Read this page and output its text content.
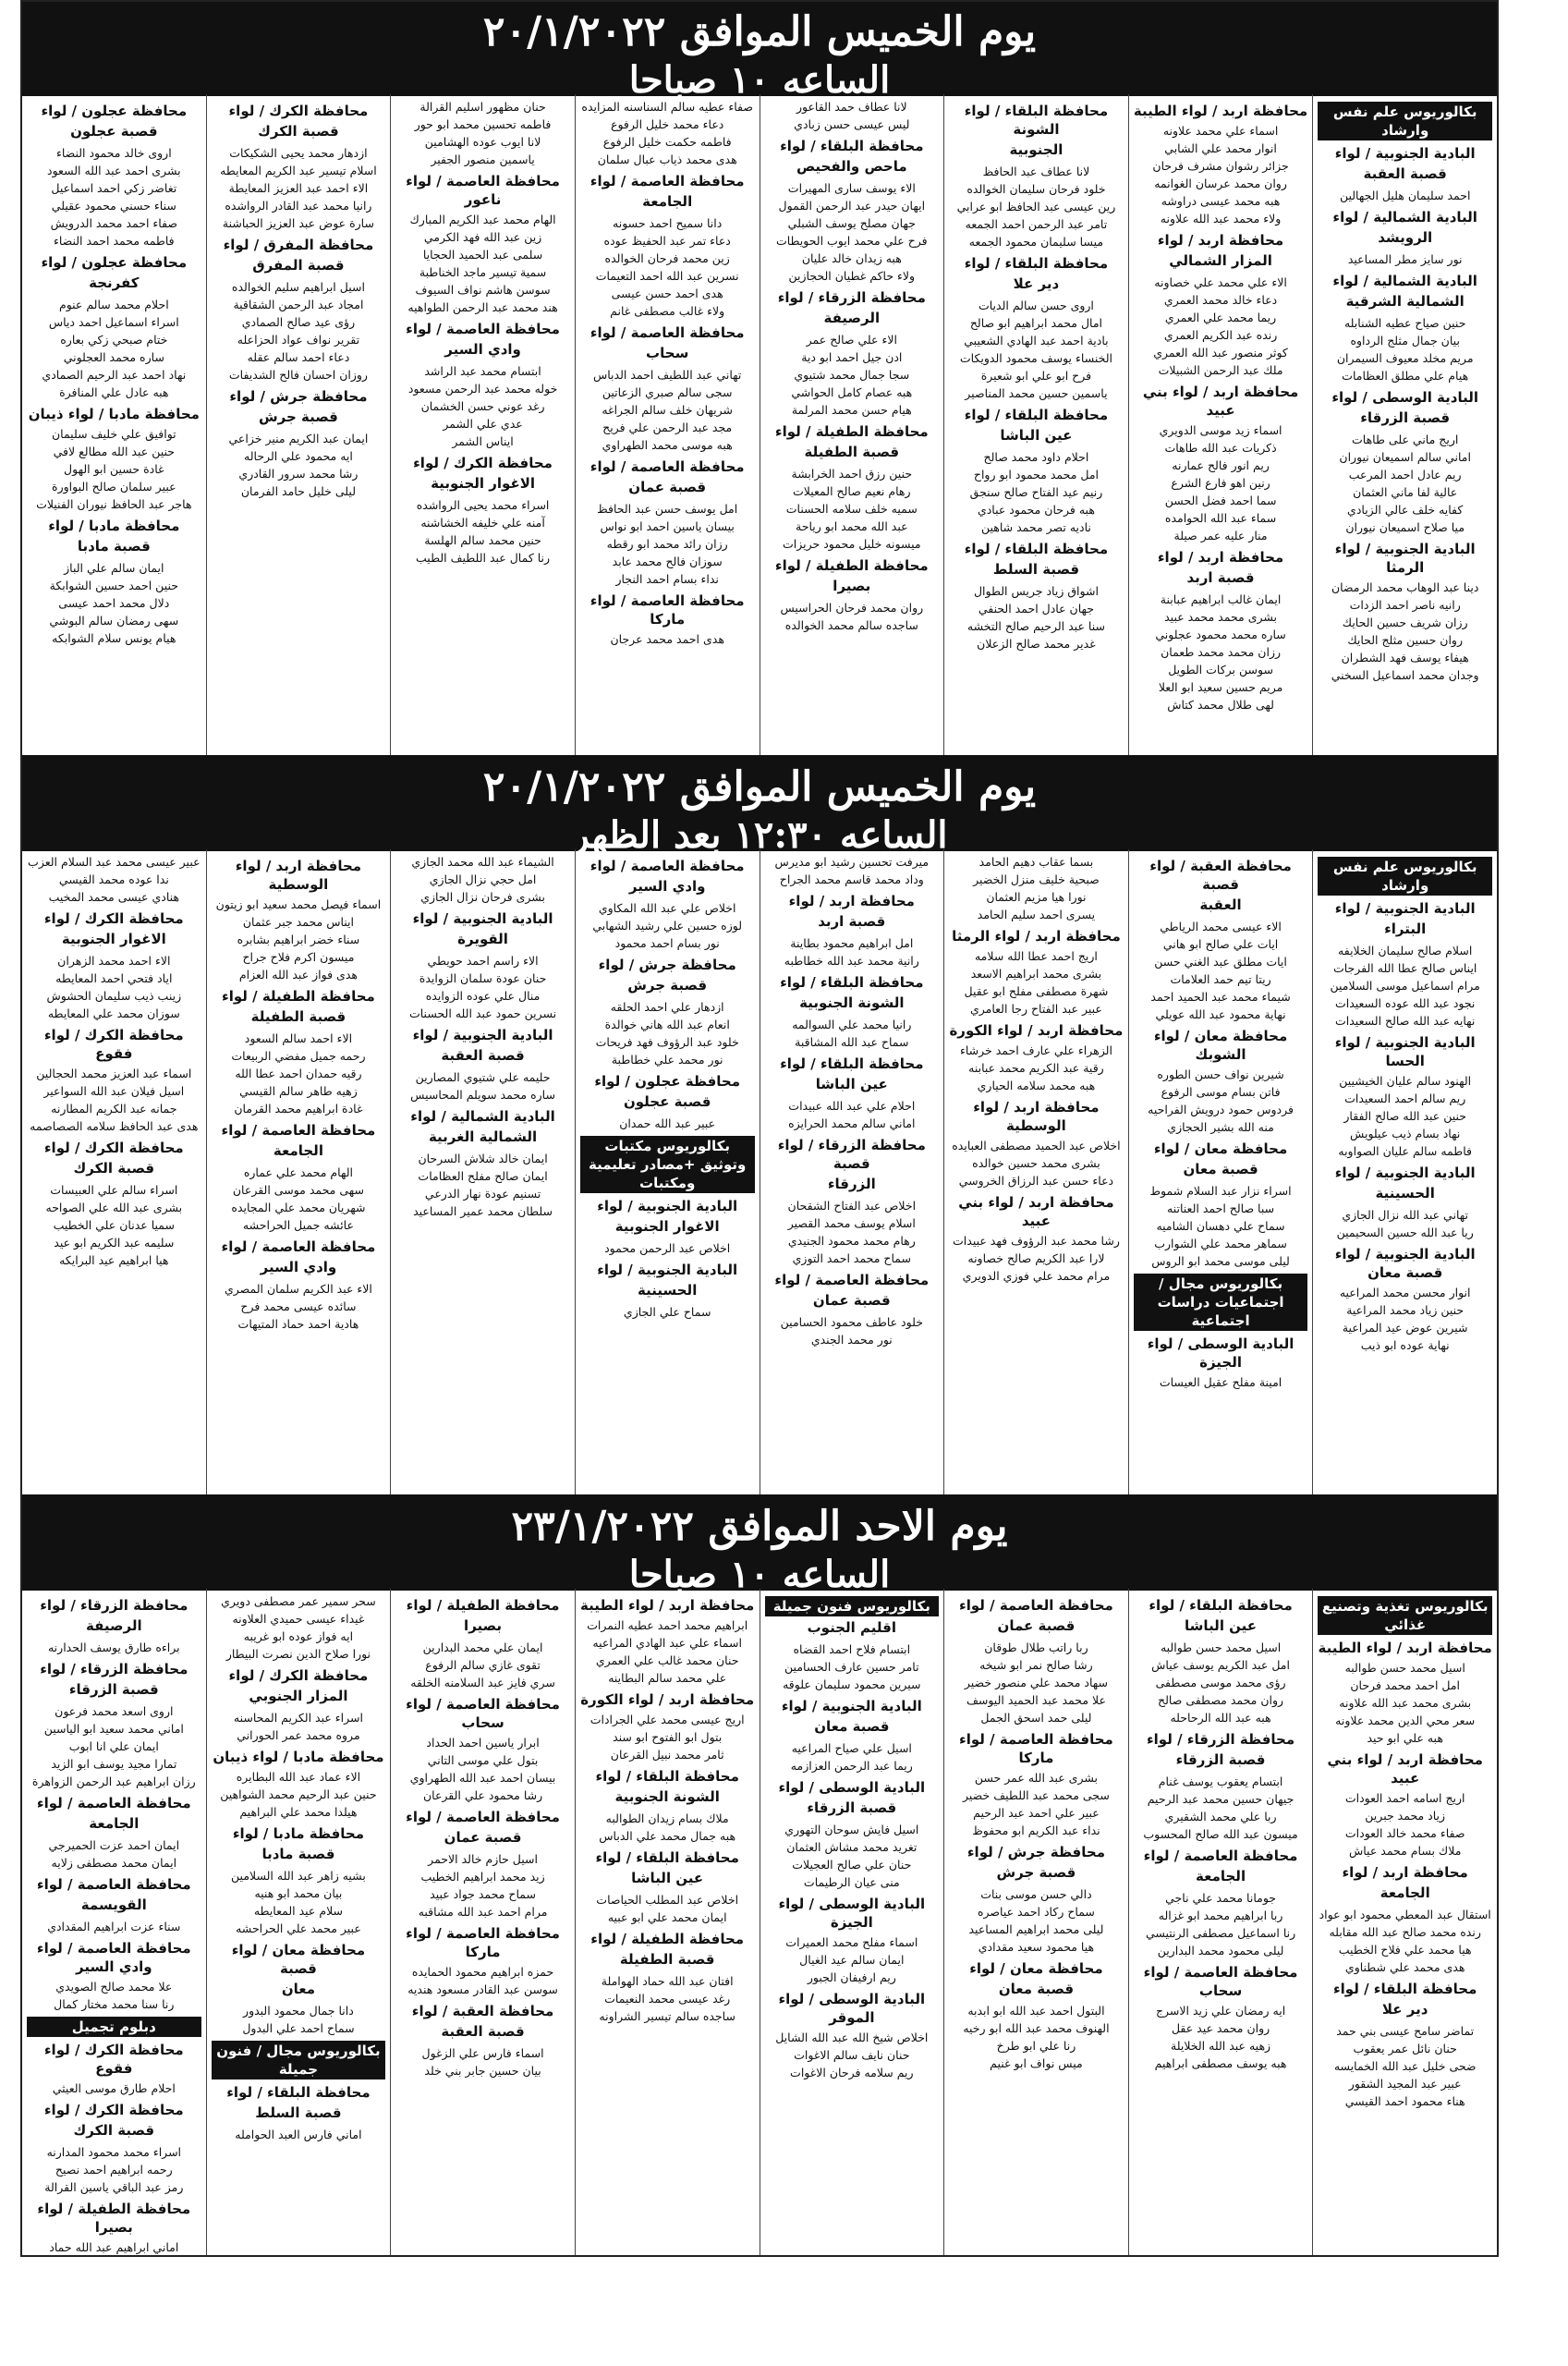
يوم الخميس الموافق ٢٠/١/٢٠٢٢
الساعه ١٠ صباحا
بكالوريوس علم نفس وارشاد
البادية الجنوبية / لواء
قصبة العقبة
احمد سليمان هليل الجهالين
البادية الشمالية / لواء
الرويشد
نور سايز مطر المساعيد
البادية الشمالية / لواء
الشمالية الشرقية
حنين صياح عطيه الشنابله
بيان جمال مثلج الرداوه
مريم مخلد معيوف السيمران
هيام علي مطلق العظامات
البادية الوسطى / لواء
قصبة الزرقاء
اريج ماني على طاهات
اماني سالم اسميعان نيوران
ريم عادل احمد المرعب
عالية لفا ماني العثمان
كفايه خلف عالي الزيادي
ميا صلاح اسميعان نيوران
البادية الجنوبية / لواء الرمثا
دينا عبد الوهاب محمد الرمضان
رانيه ناصر احمد الزدات
رزان شريف حسين الحايك
روان حسين مثلج الحايك
هيفاء يوسف فهد الشطران
وجدان محمد اسماعيل السخني
محافظة اربد / لواء الطيبة
اسماء علي محمد علاونه
انوار محمد علي الشابي
جزائر رشوان مشرف فرحان
روان محمد عرسان الغوانمه
هبه محمد عيسى دراوشه
ولاء محمد عبد الله علاونه
محافظة اربد / لواء
المزار الشمالي
الاء علي محمد علي خصاونه
دعاء خالد محمد العمري
ريما محمد علي العمري
رنده عبد الكريم العمري
كوثر منصور عبد الله العمري
ملك عبد الرحمن الشبيلات
محافظة اربد / لواء بني عبيد
اسماء زيد موسى الدويري
ذكريات عبد الله طاهات
ريم انور فالح عمارنه
رنين اهو فارع الشرع
سما احمد فضل الحسن
سماء عبد الله الحوامده
منار عليه عمر صيلة
محافظة اربد / لواء
قصبة اربد
ايمان غالب ابراهيم عبابنة
بشرى محمد محمد عبيد
ساره محمد محمود عجلوني
رزان محمد محمد طعمان
سوسن بركات الطويل
مريم حسين سعيد ابو العلا
لهى طلال محمد كتاش
محافظة البلقاء / لواء الشونة
الجنوبية
لانا عطاف عبد الحافظ
خلود فرحان سليمان الخوالده
رين عيسى عبد الحافظ ابو عرابي
تامر عبد الرحمن احمد الجمعه
ميسا سليمان محمود الجمعه
محافظة البلقاء / لواء
دير علا
اروى حسن سالم الديات
امال محمد ابراهيم ابو صالح
بادية احمد عبد الهادي الشعيبي
الخنساء يوسف محمود الدويكات
فرح ابو علي ابو شعيرة
ياسمين حسين محمد المناصير
محافظة البلقاء / لواء
عين الباشا
احلام داود محمد صالح
امل محمد محمود ابو رواح
رنيم عيد الفتاح صالح سنجق
هبه فرحان محمود عبادي
ناديه تصر محمد شاهين
محافظة البلقاء / لواء
قصبة السلط
اشواق زياد جريس الطوال
جهان عادل احمد الحنفي
سنا عبد الرحيم صالح التخشه
غدير محمد صالح الزعلان
لانا عطاف حمد القاعور
ليس عيسى حسن زبادي
محافظة البلقاء / لواء
ماحص والفحيص
الاء يوسف سارى المهيرات
ايهان حيدر عبد الرحمن القمول
جهان مصلح يوسف الشبلي
فرح علي محمد ايوب الحويطات
هبه زيدان خالد عليان
ولاء حاكم غطيان الحجازين
محافظة الزرقاء / لواء
الرصيفة
الاء علي صالح عمر
ادن جيل احمد ابو دية
سجا جمال محمد شتيوي
هبه عصام كامل الحواشي
هيام حسن محمد المرلمة
محافظة الطفيلة / لواء
قصبة الطفيلة
حنين رزق احمد الخرابشة
رهام نعيم صالح المعيلات
سميه خلف سلامه الحسنات
عبد الله محمد ابو رياحة
ميسونه خليل محمود حريزات
محافظة الطفيلة / لواء
بصيرا
روان محمد فرحان الحراسيس
ساجده سالم محمد الخوالده
صفاء عطيه سالم السناسنه المزايده
دعاء محمد خليل الرفوع
فاطمه حكمت خليل الرفوع
هدى محمد ذياب عبال سلمان
محافظة العاصمة / لواء
الجامعة
دانا سميح احمد حسونه
دعاء تمر عبد الحفيظ عوده
زين محمد فرحان الخوالده
نسرين عبد الله احمد التعيمات
هدى احمد حسن عيسى
ولاء غالب مصطفى غانم
محافظة العاصمة / لواء
سحاب
تهاني عبد اللطيف احمد الدباس
سجى سالم صبري الزعاتين
شريهان خلف سالم الجراغه
مجد عبد الرحمن علي فريح
هبه موسى محمد الطهراوي
محافظة العاصمة / لواء
قصبة عمان
امل يوسف حسن عبد الحافظ
بيسان ياسين احمد ابو نواس
رزان رائد محمد ابو رقطه
سوزان فالح محمد عابد
نداء بسام احمد النجار
محافظة العاصمة / لواء ماركا
هدى احمد محمد عرجان
حنان مظهور اسليم القرالة
فاطمه تحسين محمد ابو حور
لانا ايوب عوده الهشامين
ياسمين منصور الجفير
محافظة العاصمة / لواء ناعور
الهام محمد عبد الكريم المبارك
زين عبد الله فهد الكرمي
سلمى عبد الحميد الحجايا
سمية تيسير ماجد الخناطبة
سوسن هاشم نواف السيوف
هند محمد عبد الرحمن الطواهيه
محافظة العاصمة / لواء
وادي السير
ابتسام محمد عبد الراشد
خوله محمد عبد الرحمن مسعود
رغد عوني حسن الخشمان
عدي علي الشمر
ايناس الشمر
محافظة الكرك / لواء
الاغوار الجنوبية
اسراء محمد يحيى الرواشده
آمنه علي خليفه الخشاشنه
حنين محمد سالم الهلسة
رنا كمال عبد اللطيف الطيب
محافظة الكرك / لواء
قصبة الكرك
ازدهار محمد يحيى الشكيكات
اسلام تيسير عبد الكريم المعايطه
الاء احمد عبد العزيز المعايطة
رانيا محمد عبد القادر الرواشده
سارة عوض عبد العزيز الحباشنة
محافظة المفرق / لواء
قصبة المفرق
اسيل ابراهيم سليم الخوالده
امجاد عبد الرحمن الشقاقية
رؤى عيد صالح الصمادي
تقرير نواف عواد الحزاعله
دعاء احمد سالم عقله
روزان احسان فالح الشديفات
محافظة جرش / لواء
قصبة جرش
ايمان عبد الكريم منير خزاعي
ايه محمود علي الرحاله
رشا محمد سرور القادري
ليلى خليل حامد الفرمان
محافظة عجلون / لواء
قصبة عجلون
اروى خالد محمود النضاء
بشرى احمد عبد الله السعود
تغاضر زكي احمد اسماعيل
سناء حسني محمود عقيلي
صفاء احمد محمد الدرويش
فاطمه محمد احمد النضاء
محافظة عجلون / لواء
كفرنجة
احلام محمد سالم عنوم
اسراء اسماعيل احمد دياس
ختام صبحي زكي بعاره
ساره محمد العجلوني
نهاد احمد عبد الرحيم الصمادي
هبه عادل علي المنافرة
محافظة مادبا / لواء ذيبان
توافيق علي خليف سليمان
حنين عبد الله مطالع لافي
غادة حسين ابو الهول
عبير سلمان صالح البواورة
هاجر عبد الحافظ نيوران الفنيلات
محافظة مادبا / لواء
قصبة مادبا
ايمان سالم علي الباز
حنين احمد حسين الشوابكة
دلال محمد احمد عيسى
سهى رمضان سالم البوشي
هيام يونس سلام الشوابكه
يوم الخميس الموافق ٢٠/١/٢٠٢٢
الساعه ١٢:٣٠ بعد الظهر
بكالوريوس علم نفس وارشاد
البادية الجنوبية / لواء
البتراء
اسلام صالح سليمان الخلايفه
ايناس صالح عطا الله الفرجات
مرام اسماعيل موسى السلامين
نجود عبد الله عوده السعيدات
نهايه عبد الله صالح السعيدات
البادية الجنوبية / لواء الحسا
الهنود سالم عليان الخيشيين
ريم سالم احمد السعيدات
حنين عبد الله صالح الفقار
نهاد بسام ذيب عيلويش
فاطمه سالم عليان الصواوبه
البادية الجنوبية / لواء
الحسينية
تهاني عبد الله نزال الجازي
ريا عبد الله حسين السحيمين
البادية الجنوبية / لواء قصبة معان
انوار محسن محمد المراعيه
حنين زياد محمد المراعية
شيرين عوض عيد المراعية
نهاية عوده ابو ذيب
محافظة العقبة / لواء قصبة
العقبة
الاء عيسى محمد الرياطي
ايات علي صالح ابو هاني
ايات مطلق عبد الغني حسن
ريتا تيم حمد العلامات
شيماء محمد عبد الحميد احمد
نهاية محمود عبد الله عويلي
محافظة معان / لواء الشوبك
شيرين نواف حسن الطوره
فاتن بسام موسى الرفوع
فردوس حمود درويش الفراحيه
منه الله بشير الحجازي
محافظة معان / لواء
قصبة معان
اسراء نزار عبد السلام شموط
سبا صالح احمد العناتنه
سماح علي دهسان الشاميه
سماهر محمد علي الشوارب
ليلى موسى محمد ابو الروس
بكالوريوس مجال / اجتماعيات دراسات اجتماعية
البادية الوسطى / لواء الجيزة
امينة مفلح عقيل العيسات
بسما عقاب دهيم الحامد
صبحية خليف منزل الخضير
نورا هيا مزيم العثمان
يسرى احمد سليم الحامد
محافظة اربد / لواء الرمثا
اريج احمد عطا الله سلامه
بشرى محمد ابراهيم الاسعد
شهرة مصطفى مفلح ابو عقيل
عبير عبد الفتاح رجا العامري
محافظة اربد / لواء الكورة
الزهراء علي عارف احمد خرشاء
رقية عبد الكريم محمد عبابنه
هبه محمد سلامه الحياري
محافظة اربد / لواء الوسطية
اخلاص عبد الحميد مصطفى العبايده
بشرى محمد حسين خوالده
دعاء حسن عبد الرزاق الخروسي
محافظة اربد / لواء بني عبيد
رشا محمد عبد الرؤوف فهد عبيدات
لارا عبد الكريم صالح خصاونه
مرام محمد علي فوزي الدويري
ميرفت تحسين رشيد ابو مديرس
وداد محمد قاسم محمد الجراح
محافظة اربد / لواء
قصبة اربد
امل ابراهيم محمود بطاينة
رانية محمد عبد الله خطاطبه
محافظة البلقاء / لواء
الشونة الجنوبية
رانيا محمد علي السوالمه
سماح عبد الله المشاقبة
محافظة البلقاء / لواء
عين الباشا
احلام علي عبد الله عبيدات
اماني سالم محمد الحرايزه
محافظة الزرقاء / لواء قصبة
الزرقاء
اخلاص عبد الفتاح الشقحان
اسلام يوسف محمد القصير
رهام محمد محمود الجنيدي
سماح محمد احمد التوزي
محافظة العاصمة / لواء
قصبة عمان
خلود عاطف محمود الحسامين
نور محمد الجندي
محافظة العاصمة / لواء
وادي السير
اخلاص علي عبد الله المكاوي
لوزه حسين علي رشيد الشهابي
نور بسام احمد محمود
محافظة جرش / لواء
قصبة جرش
ازدهار علي احمد الحلقه
انعام عبد الله هاني خوالدة
خلود عبد الرؤوف فهد فريحات
نور محمد علي خطاطبة
محافظة عجلون / لواء
قصبة عجلون
عبير عبد الله حمدان
بكالوريوس مكتبات وتوثيق +مصادر تعليمية ومكتبات
البادية الجنوبية / لواء
الاغوار الجنوبية
اخلاص عبد الرحمن محمود
البادية الجنوبية / لواء
الحسينية
سماح علي الجازي
الشيماء عبد الله محمد الجازي
امل حجي نزال الجازي
بشرى فرحان نزال الجازي
البادية الجنوبية / لواء
القويرة
الاء راسم احمد حويطي
حنان عودة سلمان الزوايدة
منال علي عوده الزوايده
نسرين حمود عبد الله الحسنات
البادية الجنوبية / لواء
قصبة العقبة
حليمه علي شتيوي المصارين
ساره محمد سويلم المحاسيس
البادية الشمالية / لواء
الشمالية الغربية
ايمان خالد شلاش السرحان
ايمان صالح مفلح العظامات
تسنيم عودة نهار الدرعي
سلطان محمد عمير المساعيد
محافظة اربد / لواء الوسطية
اسماء فيصل محمد سعيد ابو زيتون
ايناس محمد جبر عثمان
سناء خضر ابراهيم بشابره
ميسون اكرم فلاح جراح
هدى فواز عبد الله العزام
محافظة الطفيلة / لواء
قصبة الطفيلة
الاء احمد سالم السعود
رحمه جميل مفضي الربيعات
رقيه حمدان احمد عطا الله
زهيه طاهر سالم القيسي
غادة ابراهيم محمد القرمان
محافظة العاصمة / لواء
الجامعة
الهام محمد علي عماره
سهى محمد موسى القرعان
شهريان محمد علي المجايده
عائشه جميل الحراحشه
محافظة العاصمة / لواء
وادي السير
الاء عبد الكريم سلمان المصري
سائده عيسى محمد فرح
هادية احمد حماد المتيهات
عبير عيسى محمد عبد السلام العزب
ندا عوده محمد القيسي
هنادي عيسى محمد المخيب
محافظة الكرك / لواء
الاغوار الجنوبية
الاء احمد محمد الزهران
اياد فتحي احمد المعايطه
زينب ذيب سليمان الحشوش
سوزان محمد علي المعايطه
محافظة الكرك / لواء فقوع
اسماء عبد العزيز محمد الحجالين
اسيل فيلان عبد الله السواعير
جمانه عبد الكريم المطارنه
هدى عبد الحافظ سلامه الصصاصمه
محافظة الكرك / لواء
قصبة الكرك
اسراء سالم علي العبيسات
بشرى عبد الله علي الصواحه
سميا عدنان علي الخطيب
سليمه عبد الكريم ابو عيد
هيا ابراهيم عيد البرايكه
يوم الاحد الموافق ٢٣/١/٢٠٢٢
الساعه ١٠ صباحا
بكالوريوس تغذية وتصنيع غذائي
محافظة اربد / لواء الطيبة
اسيل محمد حسن طوالبه
امل احمد محمد فرحان
بشرى محمد عبد الله علاونه
سعر محي الدين محمد علاونه
هبه علي ابو حيد
محافظة اربد / لواء بني عبيد
اريج اسامه احمد العودات
زياد محمد جبرين
صفاء محمد خالد العودات
ملاك بسام محمد عياش
محافظة اربد / لواء
الجامعة
استقال عبد المعطي محمود ابو عواد
رنده محمد صالح عبد الله مقابله
هيا محمد علي فلاح الخطيب
هدى محمد علي شطناوي
محافظة البلقاء / لواء
دير علا
تماضر سامح عيسى بني حمد
حنان نائل عمر يعقوب
ضحى خليل عبد الله الخمايسه
عبير عبد المجيد الشقور
هناء محمود احمد القيسي
محافظة البلقاء / لواء
عين الباشا
اسيل محمد حسن طوالبه
امل عبد الكريم يوسف عياش
رؤى محمد موسى مصطفى
روان محمد مصطفى صالح
هبه عبد الله الرحاحله
محافظة الزرقاء / لواء
قصبة الزرقاء
ابتسام يعقوب يوسف غنام
جيهان حسين محمد عبد الرحيم
ربا علي محمد الشقيري
ميسون عبد الله صالح المحسوب
محافظة العاصمة / لواء
الجامعة
جومانا محمد علي ناجي
ربا ابراهيم محمد ابو غزاله
رنا اسماعيل مصطفى الرنتيسي
ليلى محمود محمد البدارين
محافظة العاصمة / لواء سحاب
ايه رمضان علي زيد الاسرج
روان محمد عيد عقل
زهيه عبد الله الخلايلة
هبه يوسف مصطفى ابراهيم
محافظة العاصمة / لواء
قصبة عمان
ربا راتب طلال طوقان
رشا صالح نمر ابو شيخه
سهاد محمد علي منصور خضير
علا محمد عبد الحميد اليوسف
ليلى حمد اسحق الجمل
محافظة العاصمة / لواء ماركا
بشرى عبد الله عمر حسن
سجى محمد عبد اللطيف خضير
عبير علي احمد عبد الرحيم
نداء عبد الكريم ابو محفوظ
محافظة جرش / لواء
قصبة جرش
دالي حسن موسى بنات
سماح ركاد احمد عياصره
ليلى محمد ابراهيم المساعيد
هيا محمود سعيد مقدادي
محافظة معان / لواء
قصبة معان
البتول احمد عبد الله ابو ابدبه
الهنوف محمد عبد الله ابو رخيه
رنا علي ابو طرخ
ميس نواف ابو غنيم
بكالوريوس فنون جميلة
اقليم الجنوب
ابتسام فلاح احمد القضاه
تامر حسين عارف الحسامين
سيرين محمود سليمان علوقه
البادية الجنوبية / لواء
قصبة معان
اسيل علي صياح المراعيه
ريما عبد الرحمن العزازمه
البادية الوسطى / لواء
قصبة الزرقاء
اسيل فايش سوحان التهوري
تغريد محمد مشاش العثمان
حنان علي صالح العجيلات
منى عيان الرطيمات
البادية الوسطى / لواء الجيزة
اسماء مفلح محمد العميرات
ايمان سالم عيد الغيال
ريم ارفيفان الجبور
البادية الوسطى / لواء الموقر
اخلاص شيخ الله عبد الله الشايل
حنان نايف سالم الاغوات
ريم سلامه فرحان الاغوات
محافظة اربد / لواء الطيبة
ابراهيم محمد احمد عطيه النمرات
اسماء علي عبد الهادي المراعيه
حنان محمد غالب علي العمري
علي محمد سالم البطاينه
محافظة اربد / لواء الكورة
اريج عيسى محمد علي الجرادات
بتول ابو الفتوح ابو سند
ثامر محمد نبيل القرعان
محافظة البلقاء / لواء
الشونة الجنوبية
ملاك بسام زيدان الطوالبه
هبه جمال محمد علي الدباس
محافظة البلقاء / لواء
عين الباشا
اخلاص عبد المطلب الحياصات
ايمان محمد علي ابو عبيه
محافظة الطفيلة / لواء
قصبة الطفيلة
افتان عبد الله حماد الهواملة
رغد عيسى محمد النعيمات
ساجده سالم تيسير الشراونه
محافظة الطفيلة / لواء
بصيرا
ايمان علي محمد البدارين
تقوى غازي سالم الرفوع
سري فايز عبد السلامنه الخلقه
محافظة العاصمة / لواء سحاب
ابرار ياسين احمد الحداد
بتول علي موسى التاني
بيسان احمد عبد الله الطهراوي
رشا محمود علي القرعان
محافظة العاصمة / لواء
قصبة عمان
اسيل حازم خالد الاحمر
زيد محمد ابراهيم الخطيب
سماح محمد جواد عبيد
مرام احمد عبد الله مشاقبه
محافظة العاصمة / لواء ماركا
حمزه ابراهيم محمود الحمايده
سوسن عبد القادر مسعود هنديه
محافظة العقبة / لواء
قصبة العقبة
اسماء فارس علي الزغول
بيان حسين جابر بني خلد
سحر سمير عمر مصطفى دويري
غيداء عيسى حميدي العلاونه
ايه فواز عوده ابو غريبه
نورا صلاح الدين نصرت البيطار
محافظة الكرك / لواء
المزار الجنوبي
اسراء عبد الكريم المحاسنه
مروه محمد عمر الحوراني
محافظة مادبا / لواء ذيبان
الاء عماد عبد الله البطايره
حنين عبد الرحيم محمد الشواهين
هيلدا محمد علي البراهيم
محافظة مادبا / لواء
قصبة مادبا
بشيه زاهر عبد الله السلامين
بيان محمد ابو هنيه
سلام عيد المعايطه
عبير محمد علي الحراحشه
محافظة معان / لواء قصبة
معان
دانا جمال محمود البدور
سماح احمد علي البدول
بكالوريوس مجال / فنون جميلة
محافظة البلقاء / لواء
قصبة السلط
اماني فارس العبد الحوامله
محافظة الزرقاء / لواء
الرصيفة
براءه طارق يوسف الحدارنه
محافظة الزرقاء / لواء
قصبة الزرقاء
اروى اسعد محمد فرعون
اماني محمد سعيد ابو الياسين
ايمان علي انا ابوب
تمارا مجيد يوسف ابو الزيد
رزان ابراهيم عبد الرحمن الزواهرة
محافظة العاصمة / لواء
الجامعة
ايمان احمد عزت الحميرجي
ايمان محمد مصطفى زلايه
محافظة العاصمة / لواء
القويسمة
سناء عزت ابراهيم المقدادي
محافظة العاصمة / لواء وادي السير
علا محمد صالح الصويدي
رنا سنا محمد مختار كمال
دبلوم تجميل
محافظة الكرك / لواء فقوع
احلام طارق موسى العيثي
محافظة الكرك / لواء
قصبة الكرك
اسراء محمد محمود المدارنه
رحمه ابراهيم احمد نصيح
رمز عبد الباقي ياسين القرالة
محافظة الطفيلة / لواء بصيرا
اماني ابراهيم عبد الله حماد
